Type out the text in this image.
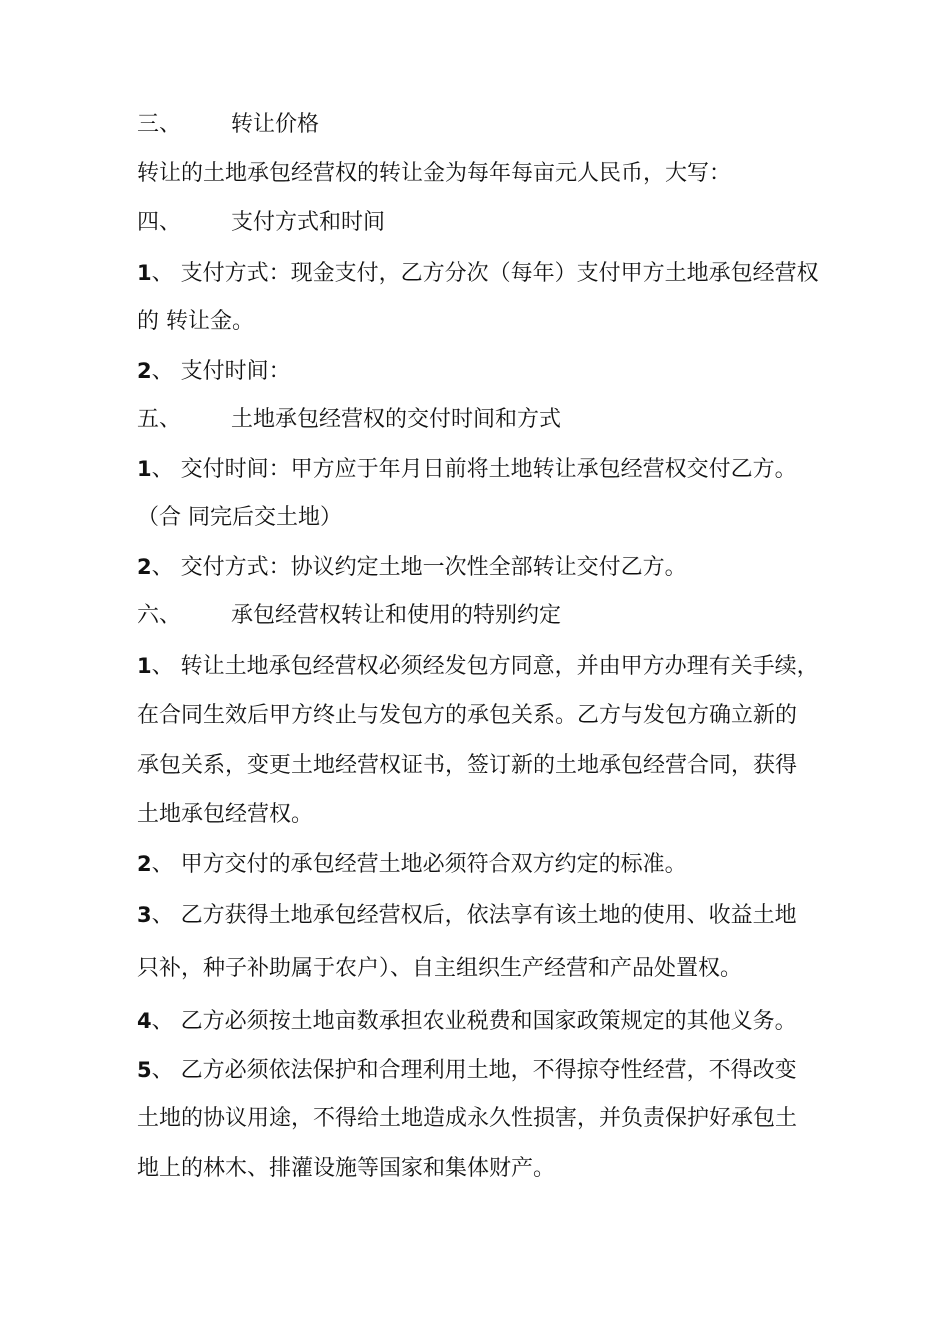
三、 转让价格
转让的土地承包经营权的转让金为每年每亩元人民币，大写：
四、 支付方式和时间
1、 支付方式：现金支付，乙方分次（每年）支付甲方土地承包经营权
的 转让金。
2、 支付时间：
五、 土地承包经营权的交付时间和方式
1、 交付时间：甲方应于年月日前将土地转让承包经营权交付乙方。
（合 同完后交土地）
2、 交付方式：协议约定土地一次性全部转让交付乙方。
六、 承包经营权转让和使用的特别约定
1、 转让土地承包经营权必须经发包方同意，并由甲方办理有关手续，
在合同生效后甲方终止与发包方的承包关系。乙方与发包方确立新的
承包关系，变更土地经营权证书，签订新的土地承包经营合同，获得
土地承包经营权。
2、 甲方交付的承包经营土地必须符合双方约定的标准。
3、 乙方获得土地承包经营权后，依法享有该土地的使用、收益土地
只补，种子补助属于农户）、自主组织生产经营和产品处置权。
4、 乙方必须按土地亩数承担农业税费和国家政策规定的其他义务。
5、 乙方必须依法保护和合理利用土地，不得掠夺性经营，不得改变
土地的协议用途，不得给土地造成永久性损害，并负责保护好承包土
地上的林木、排灌设施等国家和集体财产。
